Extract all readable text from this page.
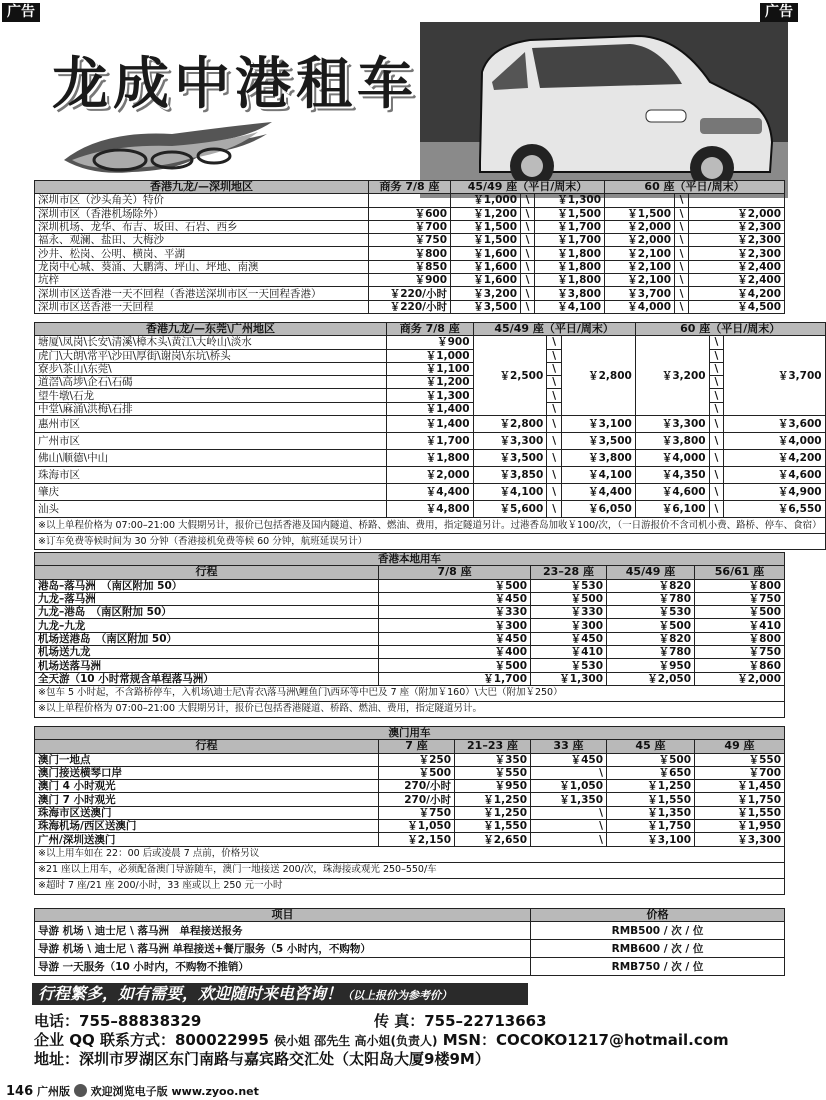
广告	广告
龙成中港租车
香港九龙/—深圳地区	商务 7/8 座	45/49 座（平日/周末）			60 座（平日/周末）		
深圳市区（沙头角关）特价		￥1,000	\	￥1,300		\	
深圳市区（香港机场除外）	￥600	￥1,200	\	￥1,500	￥1,500	\	￥2,000
深圳机场、龙华、布吉、坂田、石岩、西乡	￥700	￥1,500	\	￥1,700	￥2,000	\	￥2,300
福永、观澜、盐田、大梅沙	￥750	￥1,500	\	￥1,700	￥2,000	\	￥2,300
沙井、松岗、公明、横岗、平湖	￥800	￥1,600	\	￥1,800	￥2,100	\	￥2,300
龙岗中心城、葵涌、大鹏湾、坪山、坪地、南澳	￥850	￥1,600	\	￥1,800	￥2,100	\	￥2,400
坑梓	￥900	￥1,600	\	￥1,800	￥2,100	\	￥2,400
深圳市区送香港一天不回程（香港送深圳市区一天回程香港）	￥220/小时	￥3,200	\	￥3,800	￥3,700	\	￥4,200
深圳市区送香港一天回程	￥220/小时	￥3,500	\	￥4,100	￥4,000	\	￥4,500
香港九龙/—东莞\广州地区	商务 7/8 座	45/49 座（平日/周末）			60 座（平日/周末）		
塘厦\凤岗\长安\清溪\樟木头\黄江\大岭山\淡水	￥900	￥2,500	\	￥2,800	￥3,200	\	￥3,700
虎门\大朗\常平\沙田\厚街\谢岗\东坑\桥头	￥1,000		\			\	
寮步\茶山\东莞\	￥1,100		\			\	
道滘\高埗\企石\石碣	￥1,200		\			\	
望牛墩\石龙	￥1,300		\			\	
中堂\麻涌\洪梅\石排	￥1,400		\			\	
惠州市区	￥1,400	￥2,800	\	￥3,100	￥3,300	\	￥3,600
广州市区	￥1,700	￥3,300	\	￥3,500	￥3,800	\	￥4,000
佛山\顺德\中山	￥1,800	￥3,500	\	￥3,800	￥4,000	\	￥4,200
珠海市区	￥2,000	￥3,850	\	￥4,100	￥4,350	\	￥4,600
肇庆	￥4,400	￥4,100	\	￥4,400	￥4,600	\	￥4,900
汕头	￥4,800	￥5,600	\	￥6,050	￥6,100	\	￥6,550
※以上单程价格为 07:00–21:00 大假期另计，报价已包括香港及国内隧道、桥路、燃油、费用，指定隧道另计。过港香岛加收￥100/次，（一日游报价不含司机小费、路桥、停车、食宿）							
※订车免费等候时间为 30 分钟（香港接机免费等候 60 分钟，航班延误另计）							
香港本地用车				
行程	7/8 座	23–28 座	45/49 座	56/61 座
港岛–落马洲　（南区附加 50）	￥500	￥530	￥820	￥800
九龙–落马洲	￥450	￥500	￥780	￥750
九龙–港岛　（南区附加 50）	￥330	￥330	￥530	￥500
九龙–九龙	￥300	￥300	￥500	￥410
机场送港岛　（南区附加 50）	￥450	￥450	￥820	￥800
机场送九龙	￥400	￥410	￥780	￥750
机场送落马洲	￥500	￥530	￥950	￥860
全天游（10 小时常规含单程落马洲）	￥1,700	￥1,300	￥2,050	￥2,000
※包车 5 小时起，不含路桥停车，入机场\迪士尼\青衣\落马洲\鲤鱼门\西环等中巴及 7 座（附加￥160）\大巴（附加￥250）				
※以上单程价格为 07:00–21:00 大假期另计，报价已包括香港隧道、桥路、燃油、费用，指定隧道另计。				
澳门用车					
行程	7 座	21–23 座	33 座	45 座	49 座
澳门一地点	￥250	￥350	￥450	￥500	￥550
澳门接送横琴口岸	￥500	￥550	\	￥650	￥700
澳门 4 小时观光	270/小时	￥950	￥1,050	￥1,250	￥1,450
澳门 7 小时观光	270/小时	￥1,250	￥1,350	￥1,550	￥1,750
珠海市区送澳门	￥750	￥1,250	\	￥1,350	￥1,550
珠海机场/西区送澳门	￥1,050	￥1,550	\	￥1,750	￥1,950
广州/深圳送澳门	￥2,150	￥2,650	\	￥3,100	￥3,300
※以上用车如在 22：00 后或凌晨 7 点前，价格另议					
※21 座以上用车，必须配备澳门导游随车，澳门一地接送 200/次，珠海接或观光 250–550/车					
※超时 7 座/21 座 200/小时，33 座或以上 250 元一小时					
项目	价格
导游 机场 \ 迪士尼 \ 落马洲　单程接送报务	RMB500 / 次 / 位
导游 机场 \ 迪士尼 \ 落马洲 单程接送+餐厅服务（5 小时内，不购物）	RMB600 / 次 / 位
导游 一天服务（10 小时内，不购物不推销）	RMB750 / 次 / 位
行程繁多，如有需要，欢迎随时来电咨询！（以上报价为参考价）
电话：755–88838329	传 真：755–22713663
企业 QQ 联系方式：800022995 侯小姐 邵先生 高小姐(负责人) MSN：COCOKO1217@hotmail.com
地址：深圳市罗湖区东门南路与嘉宾路交汇处（太阳岛大厦9楼9M）
146 广州版 欢迎浏览电子版 www.zyoo.net
